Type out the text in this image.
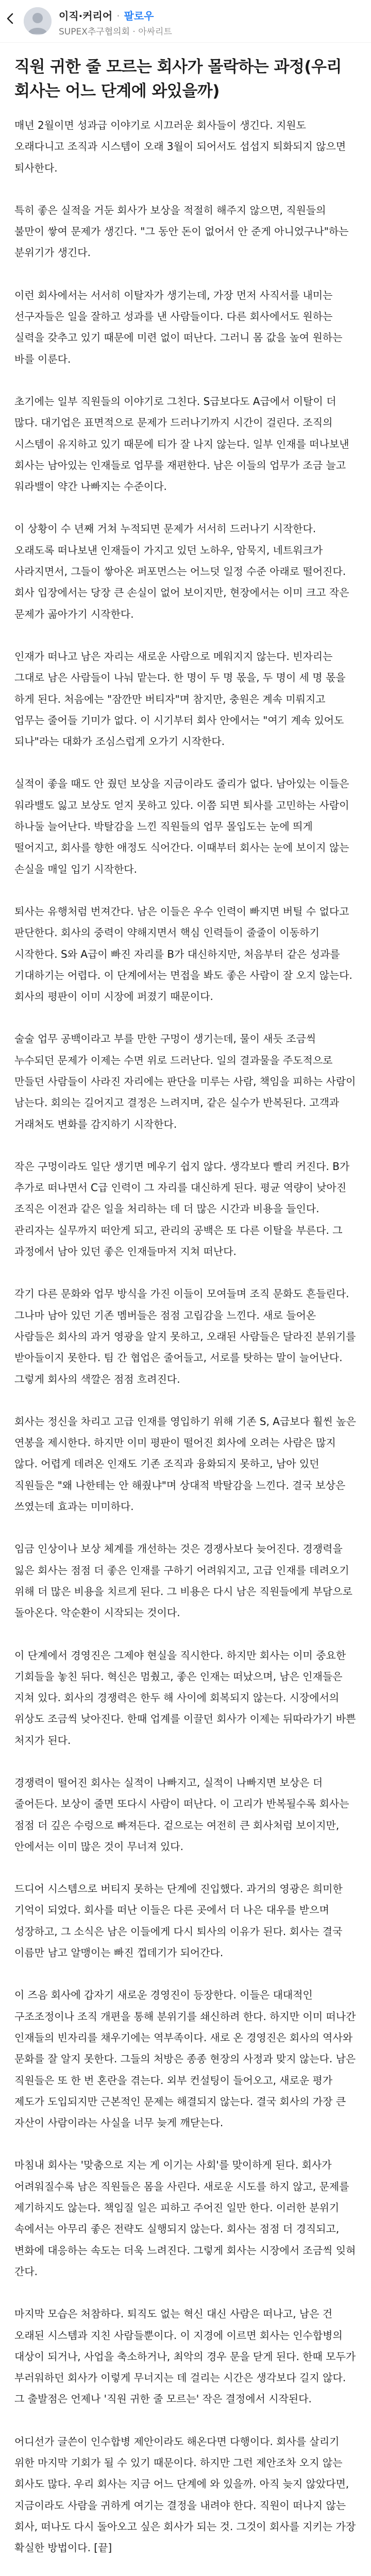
이직·커리어 · 팔로우
SUPEX추구협의회 · 아싸리트
직원 귀한 줄 모르는 회사가 몰락하는 과정(우리 회사는 어느 단계에 와있을까)

매년 2월이면 성과급 이야기로 시끄러운 회사들이 생긴다. 지원도 오래다니고 조직과 시스템이 오래 3월이 되어서도 섭섭지 퇴화되지 않으면 퇴사한다.

특히 좋은 실적을 거둔 회사가 보상을 적절히 해주지 않으면, 직원들의 불만이 쌓여 문제가 생긴다. "그 동안 돈이 없어서 안 준게 아니었구나"하는 분위기가 생긴다.

이런 회사에서는 서서히 이탈자가 생기는데, 가장 먼저 사직서를 내미는 선구자들은 일을 잘하고 성과를 낸 사람들이다. 다른 회사에서도 원하는 실력을 갖추고 있기 때문에 미련 없이 떠난다. 그러니 몸 값을 높여 원하는 바를 이룬다.

초기에는 일부 직원들의 이야기로 그친다. S급보다도 A급에서 이탈이 더 많다. 대기업은 표면적으로 문제가 드러나기까지 시간이 걸린다. 조직의 시스템이 유지하고 있기 때문에 티가 잘 나지 않는다. 일부 인재를 떠나보낸 회사는 남아있는 인재들로 업무를 재편한다. 남은 이들의 업무가 조금 늘고 워라밸이 약간 나빠지는 수준이다.

이 상황이 수 년째 거쳐 누적되면 문제가 서서히 드러나기 시작한다. 오래도록 떠나보낸 인재들이 가지고 있던 노하우, 암묵지, 네트워크가 사라지면서, 그들이 쌓아온 퍼포먼스는 어느덧 일정 수준 아래로 떨어진다. 회사 입장에서는 당장 큰 손실이 없어 보이지만, 현장에서는 이미 크고 작은 문제가 곪아가기 시작한다.

인재가 떠나고 남은 자리는 새로운 사람으로 메워지지 않는다. 빈자리는 그대로 남은 사람들이 나눠 맡는다. 한 명이 두 명 몫을, 두 명이 세 명 몫을 하게 된다. 처음에는 "잠깐만 버티자"며 참지만, 충원은 계속 미뤄지고 업무는 줄어들 기미가 없다. 이 시기부터 회사 안에서는 "여기 계속 있어도 되나"라는 대화가 조심스럽게 오가기 시작한다.

실적이 좋을 때도 안 줬던 보상을 지금이라도 줄리가 없다. 남아있는 이들은 워라밸도 잃고 보상도 얻지 못하고 있다. 이쯤 되면 퇴사를 고민하는 사람이 하나둘 늘어난다. 박탈감을 느낀 직원들의 업무 몰입도는 눈에 띄게 떨어지고, 회사를 향한 애정도 식어간다. 이때부터 회사는 눈에 보이지 않는 손실을 매일 입기 시작한다.

퇴사는 유행처럼 번져간다. 남은 이들은 우수 인력이 빠지면 버틸 수 없다고 판단한다. 회사의 중력이 약해지면서 핵심 인력들이 줄줄이 이동하기 시작한다. S와 A급이 빠진 자리를 B가 대신하지만, 처음부터 같은 성과를 기대하기는 어렵다. 이 단계에서는 면접을 봐도 좋은 사람이 잘 오지 않는다. 회사의 평판이 이미 시장에 퍼졌기 때문이다.

술술 업무 공백이라고 부를 만한 구멍이 생기는데, 물이 새듯 조금씩 누수되던 문제가 이제는 수면 위로 드러난다. 일의 결과물을 주도적으로 만들던 사람들이 사라진 자리에는 판단을 미루는 사람, 책임을 피하는 사람이 남는다. 회의는 길어지고 결정은 느려지며, 같은 실수가 반복된다. 고객과 거래처도 변화를 감지하기 시작한다.

작은 구멍이라도 일단 생기면 메우기 쉽지 않다. 생각보다 빨리 커진다. B가 추가로 떠나면서 C급 인력이 그 자리를 대신하게 된다. 평균 역량이 낮아진 조직은 이전과 같은 일을 처리하는 데 더 많은 시간과 비용을 들인다. 관리자는 실무까지 떠안게 되고, 관리의 공백은 또 다른 이탈을 부른다. 그 과정에서 남아 있던 좋은 인재들마저 지쳐 떠난다.

각기 다른 문화와 업무 방식을 가진 이들이 모여들며 조직 문화도 흔들린다. 그나마 남아 있던 기존 멤버들은 점점 고립감을 느낀다. 새로 들어온 사람들은 회사의 과거 영광을 알지 못하고, 오래된 사람들은 달라진 분위기를 받아들이지 못한다. 팀 간 협업은 줄어들고, 서로를 탓하는 말이 늘어난다. 그렇게 회사의 색깔은 점점 흐려진다.

회사는 정신을 차리고 고급 인재를 영입하기 위해 기존 S, A급보다 훨씬 높은 연봉을 제시한다. 하지만 이미 평판이 떨어진 회사에 오려는 사람은 많지 않다. 어렵게 데려온 인재도 기존 조직과 융화되지 못하고, 남아 있던 직원들은 "왜 나한테는 안 해줬냐"며 상대적 박탈감을 느낀다. 결국 보상은 쓰였는데 효과는 미미하다.

임금 인상이나 보상 체계를 개선하는 것은 경쟁사보다 늦어진다. 경쟁력을 잃은 회사는 점점 더 좋은 인재를 구하기 어려워지고, 고급 인재를 데려오기 위해 더 많은 비용을 치르게 된다. 그 비용은 다시 남은 직원들에게 부담으로 돌아온다. 악순환이 시작되는 것이다.

이 단계에서 경영진은 그제야 현실을 직시한다. 하지만 회사는 이미 중요한 기회들을 놓친 뒤다. 혁신은 멈췄고, 좋은 인재는 떠났으며, 남은 인재들은 지쳐 있다. 회사의 경쟁력은 한두 해 사이에 회복되지 않는다. 시장에서의 위상도 조금씩 낮아진다. 한때 업계를 이끌던 회사가 이제는 뒤따라가기 바쁜 처지가 된다.

경쟁력이 떨어진 회사는 실적이 나빠지고, 실적이 나빠지면 보상은 더 줄어든다. 보상이 줄면 또다시 사람이 떠난다. 이 고리가 반복될수록 회사는 점점 더 깊은 수렁으로 빠져든다. 겉으로는 여전히 큰 회사처럼 보이지만, 안에서는 이미 많은 것이 무너져 있다.

드디어 시스템으로 버티지 못하는 단계에 진입했다. 과거의 영광은 희미한 기억이 되었다. 회사를 떠난 이들은 다른 곳에서 더 나은 대우를 받으며 성장하고, 그 소식은 남은 이들에게 다시 퇴사의 이유가 된다. 회사는 결국 이름만 남고 알맹이는 빠진 껍데기가 되어간다.

이 즈음 회사에 갑자기 새로운 경영진이 등장한다. 이들은 대대적인 구조조정이나 조직 개편을 통해 분위기를 쇄신하려 한다. 하지만 이미 떠나간 인재들의 빈자리를 채우기에는 역부족이다. 새로 온 경영진은 회사의 역사와 문화를 잘 알지 못한다. 그들의 처방은 종종 현장의 사정과 맞지 않는다. 남은 직원들은 또 한 번 혼란을 겪는다. 외부 컨설팅이 들어오고, 새로운 평가 제도가 도입되지만 근본적인 문제는 해결되지 않는다. 결국 회사의 가장 큰 자산이 사람이라는 사실을 너무 늦게 깨닫는다.

마침내 회사는 '맞춤으로 지는 게 이기는 사회'를 맞이하게 된다. 회사가 어려워질수록 남은 직원들은 몸을 사린다. 새로운 시도를 하지 않고, 문제를 제기하지도 않는다. 책임질 일은 피하고 주어진 일만 한다. 이러한 분위기 속에서는 아무리 좋은 전략도 실행되지 않는다. 회사는 점점 더 경직되고, 변화에 대응하는 속도는 더욱 느려진다. 그렇게 회사는 시장에서 조금씩 잊혀 간다.

마지막 모습은 처참하다. 퇴직도 없는 혁신 대신 사람은 떠나고, 남은 건 오래된 시스템과 지친 사람들뿐이다. 이 지경에 이르면 회사는 인수합병의 대상이 되거나, 사업을 축소하거나, 최악의 경우 문을 닫게 된다. 한때 모두가 부러워하던 회사가 이렇게 무너지는 데 걸리는 시간은 생각보다 길지 않다. 그 출발점은 언제나 '직원 귀한 줄 모르는' 작은 결정에서 시작된다.

어디선가 글쓴이 인수합병 제안이라도 해온다면 다행이다. 회사를 살리기 위한 마지막 기회가 될 수 있기 때문이다. 하지만 그런 제안조차 오지 않는 회사도 많다. 우리 회사는 지금 어느 단계에 와 있을까. 아직 늦지 않았다면, 지금이라도 사람을 귀하게 여기는 결정을 내려야 한다. 직원이 떠나지 않는 회사, 떠나도 다시 돌아오고 싶은 회사가 되는 것. 그것이 회사를 지키는 가장 확실한 방법이다. [끝]
